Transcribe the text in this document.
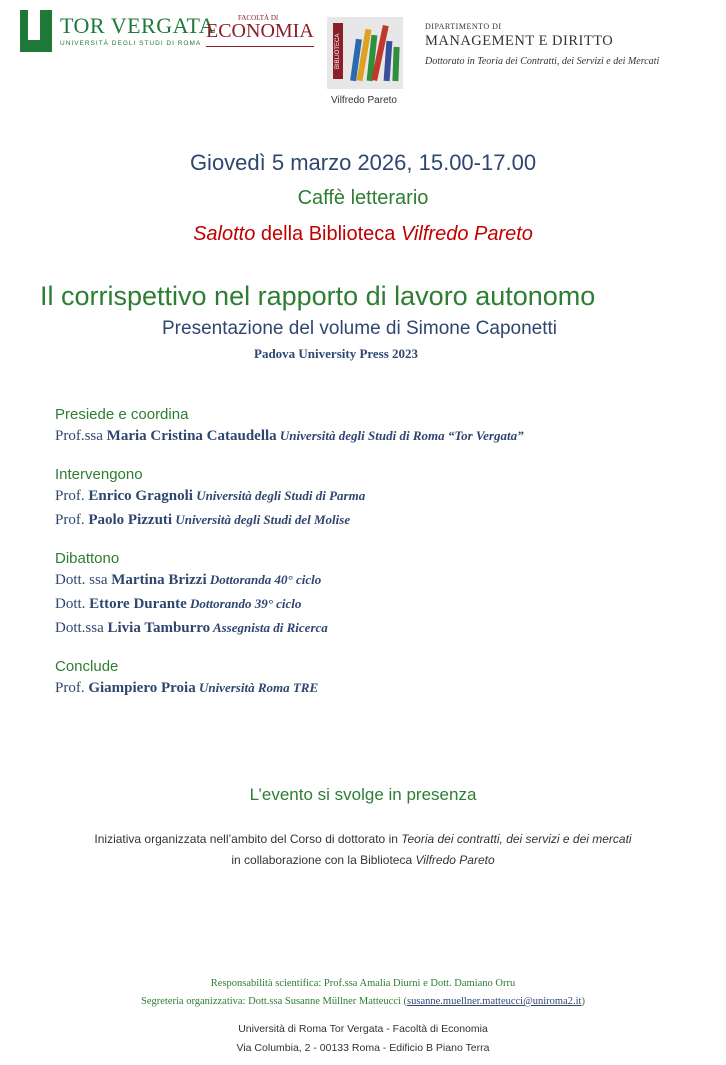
TOR VERGATA
UNIVERSITÀ DEGLI STUDI DI ROMA
FACOLTÀ DI
ECONOMIA
BIBLIOTECA
Vilfredo Pareto
DIPARTIMENTO DI
MANAGEMENT E DIRITTO
Dottorato in Teoria dei Contratti, dei Servizi e dei Mercati
Giovedì 5 marzo 2026, 15.00-17.00
Caffè letterario
Salotto della Biblioteca Vilfredo Pareto
Il corrispettivo nel rapporto di lavoro autonomo
Presentazione del volume di Simone Caponetti
Padova University Press 2023
Presiede e coordina
Prof.ssa Maria Cristina Cataudella Università degli Studi di Roma “Tor Vergata”
Intervengono
Prof. Enrico Gragnoli Università degli Studi di Parma
Prof. Paolo Pizzuti Università degli Studi del Molise
Dibattono
Dott. ssa Martina Brizzi Dottoranda 40° ciclo
Dott. Ettore Durante Dottorando 39° ciclo
Dott.ssa Livia Tamburro Assegnista di Ricerca
Conclude
Prof. Giampiero Proia Università Roma TRE
L’evento si svolge in presenza
Iniziativa organizzata nell’ambito del Corso di dottorato in Teoria dei contratti, dei servizi e dei mercati
in collaborazione con la Biblioteca Vilfredo Pareto
Responsabilità scientifica: Prof.ssa Amalia Diurni e Dott. Damiano Orru
Segreteria organizzativa: Dott.ssa Susanne Müllner Matteucci (susanne.muellner.matteucci@uniroma2.it)
Università di Roma Tor Vergata - Facoltà di Economia
Via Columbia, 2 - 00133 Roma - Edificio B Piano Terra
